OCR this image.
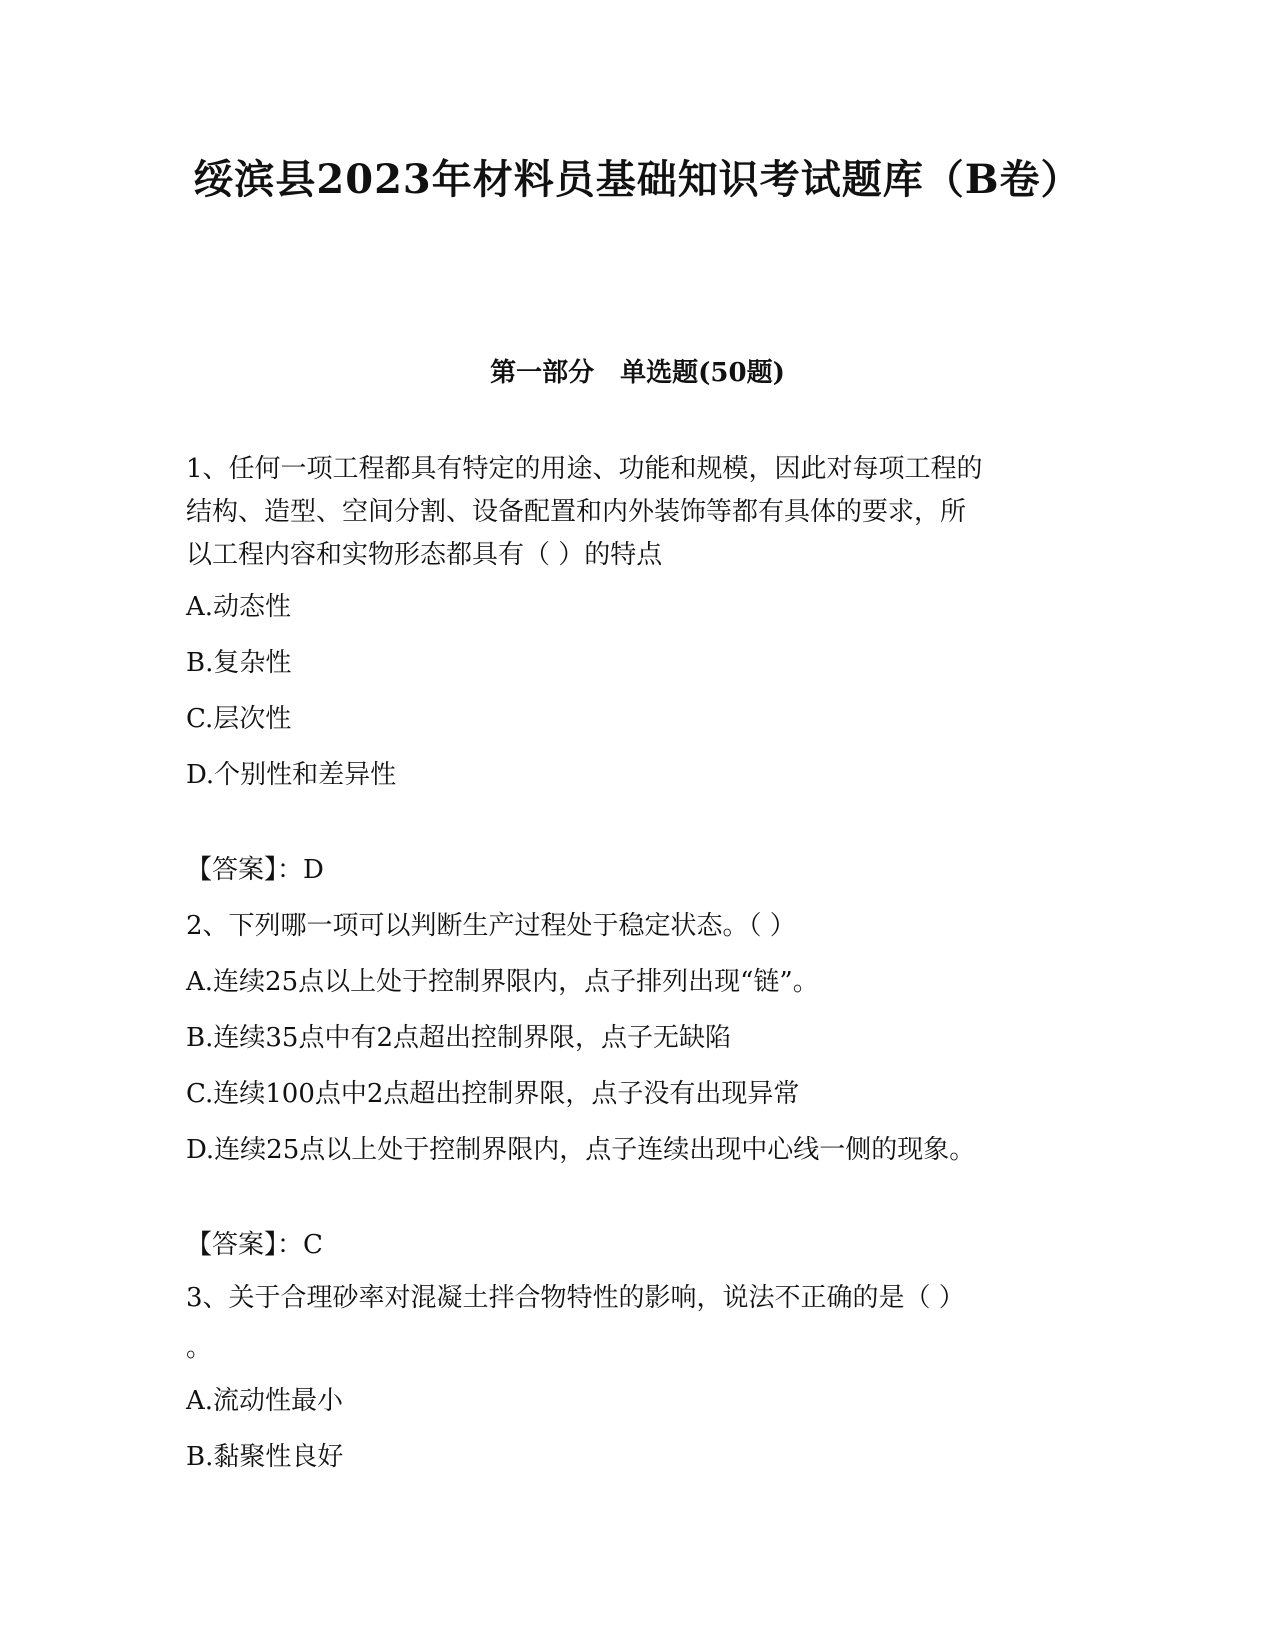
绥滨县2023年材料员基础知识考试题库（B卷）
第一部分　单选题(50题)

1、任何一项工程都具有特定的用途、功能和规模，因此对每项工程的

结构、造型、空间分割、设备配置和内外装饰等都有具体的要求，所

以工程内容和实物形态都具有（ ）的特点

A.动态性

B.复杂性

C.层次性

D.个别性和差异性

【答案】：D

2、下列哪一项可以判断生产过程处于稳定状态。（ ）

A.连续25点以上处于控制界限内，点子排列出现“链”。

B.连续35点中有2点超出控制界限，点子无缺陷

C.连续100点中2点超出控制界限，点子没有出现异常

D.连续25点以上处于控制界限内，点子连续出现中心线一侧的现象。

【答案】：C

3、关于合理砂率对混凝土拌合物特性的影响，说法不正确的是（ ）

。

A.流动性最小

B.黏聚性良好
